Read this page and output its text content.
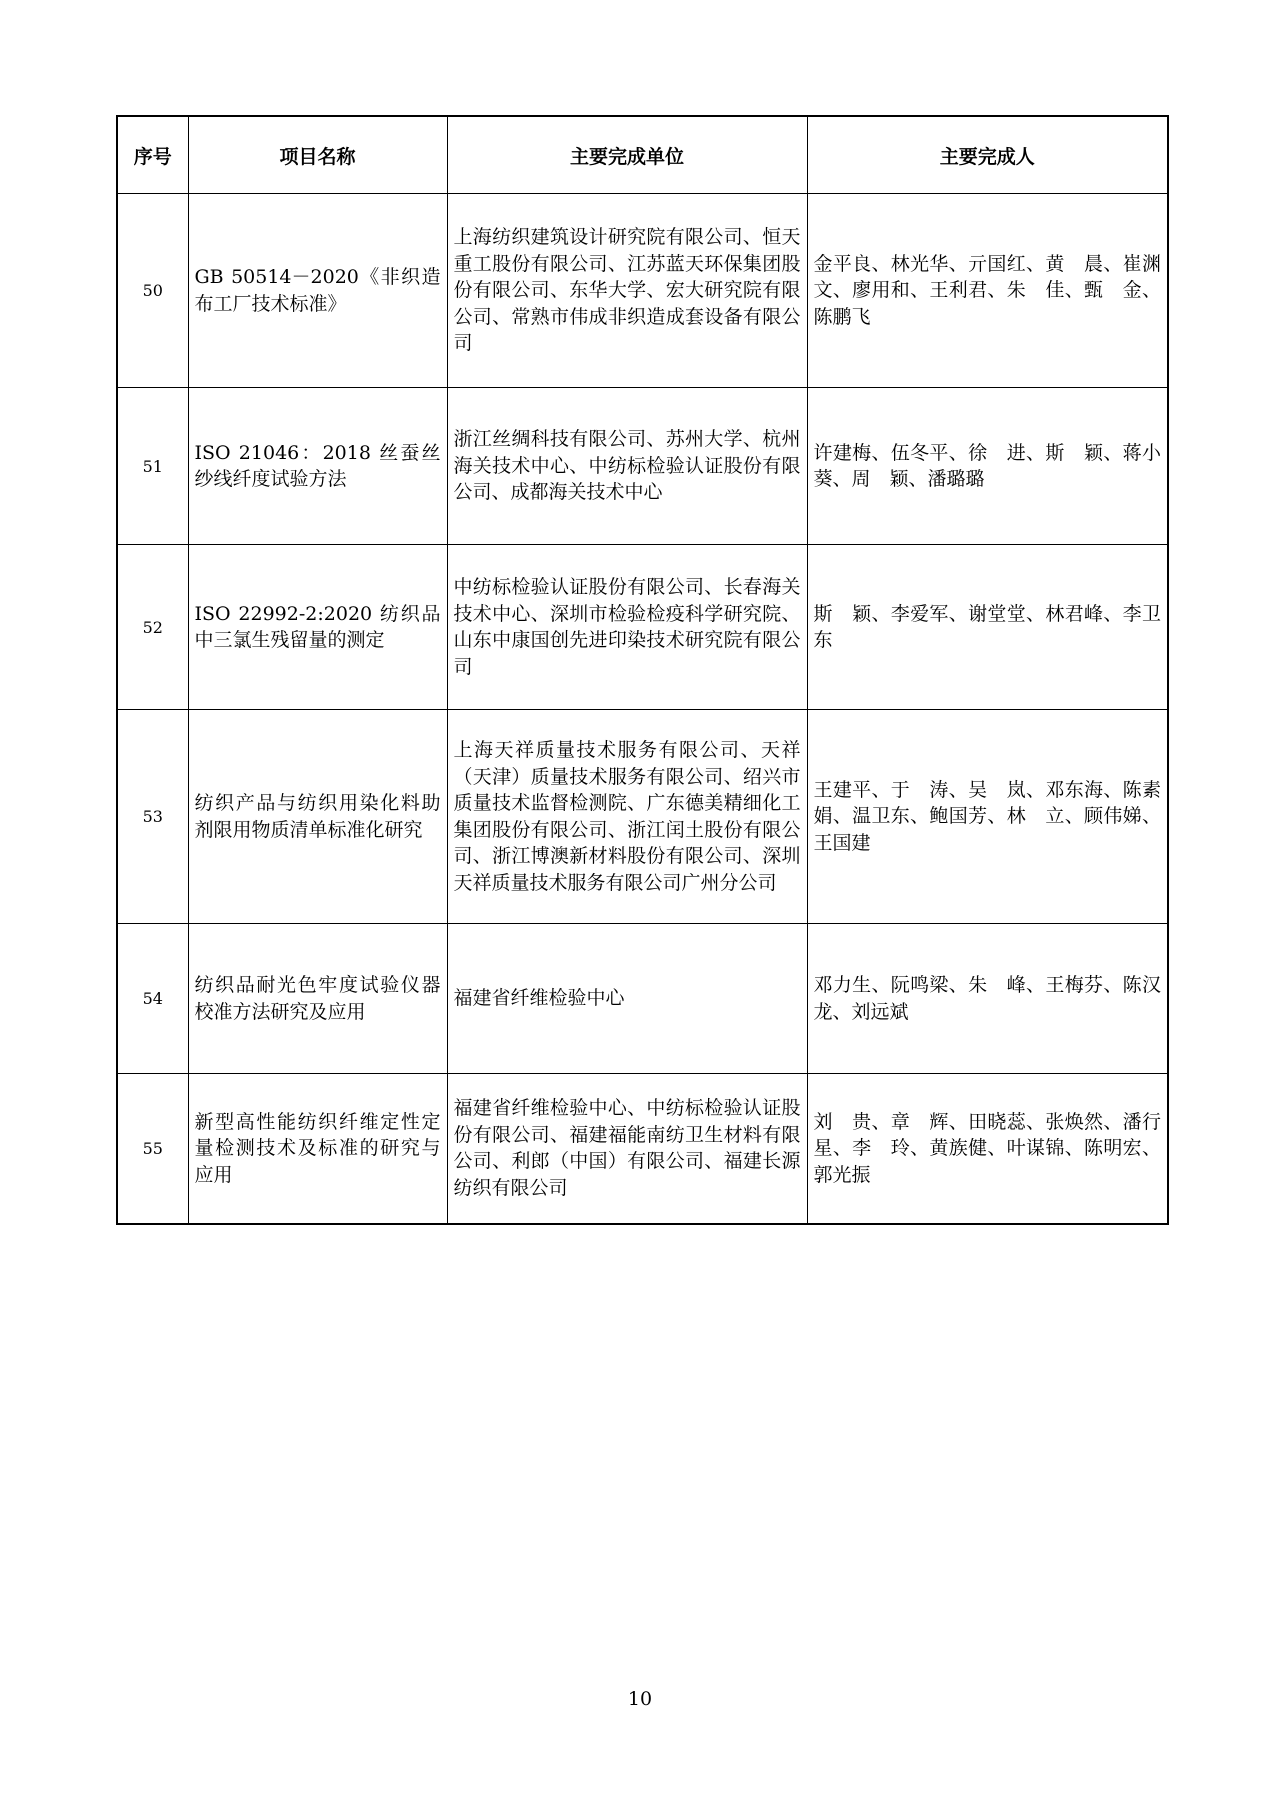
序号	项目名称	主要完成单位	主要完成人
50	GB 50514－2020《非织造布工厂技术标准》	上海纺织建筑设计研究院有限公司、恒天重工股份有限公司、江苏蓝天环保集团股份有限公司、东华大学、宏大研究院有限公司、常熟市伟成非织造成套设备有限公司	金平良、林光华、亓国红、黄　晨、崔渊文、廖用和、王利君、朱　佳、甄　金、陈鹏飞
51	ISO 21046：2018 丝蚕丝纱线纤度试验方法	浙江丝绸科技有限公司、苏州大学、杭州海关技术中心、中纺标检验认证股份有限公司、成都海关技术中心	许建梅、伍冬平、徐　进、斯　颖、蒋小葵、周　颖、潘璐璐
52	ISO 22992-2:2020 纺织品中三氯生残留量的测定	中纺标检验认证股份有限公司、长春海关技术中心、深圳市检验检疫科学研究院、山东中康国创先进印染技术研究院有限公司	斯　颖、李爱军、谢堂堂、林君峰、李卫东
53	纺织产品与纺织用染化料助剂限用物质清单标准化研究	上海天祥质量技术服务有限公司、天祥（天津）质量技术服务有限公司、绍兴市质量技术监督检测院、广东德美精细化工集团股份有限公司、浙江闰土股份有限公司、浙江博澳新材料股份有限公司、深圳天祥质量技术服务有限公司广州分公司	王建平、于　涛、吴　岚、邓东海、陈素娟、温卫东、鲍国芳、林　立、顾伟娣、王国建
54	纺织品耐光色牢度试验仪器校准方法研究及应用	福建省纤维检验中心	邓力生、阮鸣梁、朱　峰、王梅芬、陈汉龙、刘远斌
55	新型高性能纺织纤维定性定量检测技术及标准的研究与应用	福建省纤维检验中心、中纺标检验认证股份有限公司、福建福能南纺卫生材料有限公司、利郎（中国）有限公司、福建长源纺织有限公司	刘　贵、章　辉、田晓蕊、张焕然、潘行星、李　玲、黄族健、叶谋锦、陈明宏、郭光振
10
